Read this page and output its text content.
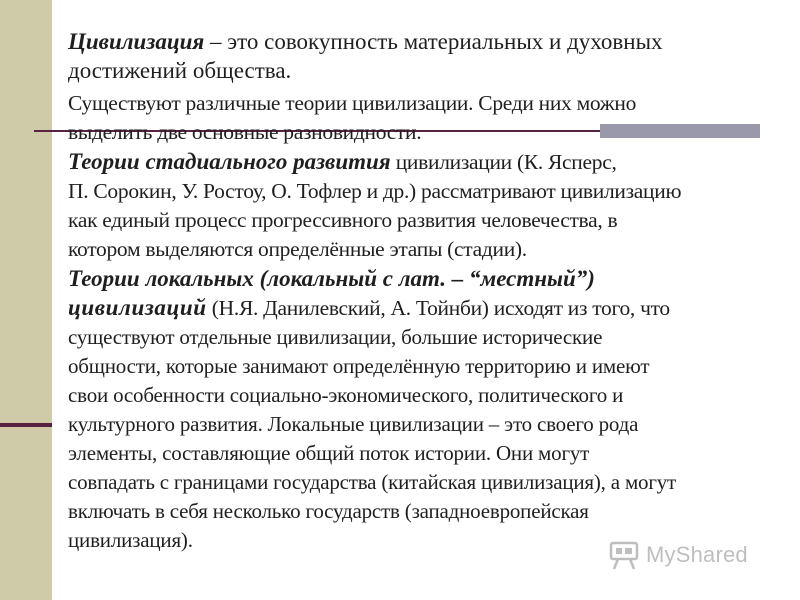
Цивилизация – это совокупность материальных и духовных

достижений общества.

Существуют различные теории цивилизации. Среди них можно

выделить две основные разновидности.

Теории стадиального развития цивилизации (К. Ясперс,

П. Сорокин, У. Ростоу, О. Тофлер и др.) рассматривают цивилизацию

как единый процесс прогрессивного развития человечества, в

котором выделяются определённые этапы (стадии).

Теории локальных (локальный с лат. – “местный”)

цивилизаций (Н.Я. Данилевский, А. Тойнби) исходят из того, что

существуют отдельные цивилизации, большие исторические

общности, которые занимают определённую территорию и имеют

свои особенности социально-экономического, политического и

культурного развития. Локальные цивилизации – это своего рода

элементы, составляющие общий поток истории. Они могут

совпадать с границами государства (китайская цивилизация), а могут

включать в себя несколько государств (западноевропейская

цивилизация).

MyShared
